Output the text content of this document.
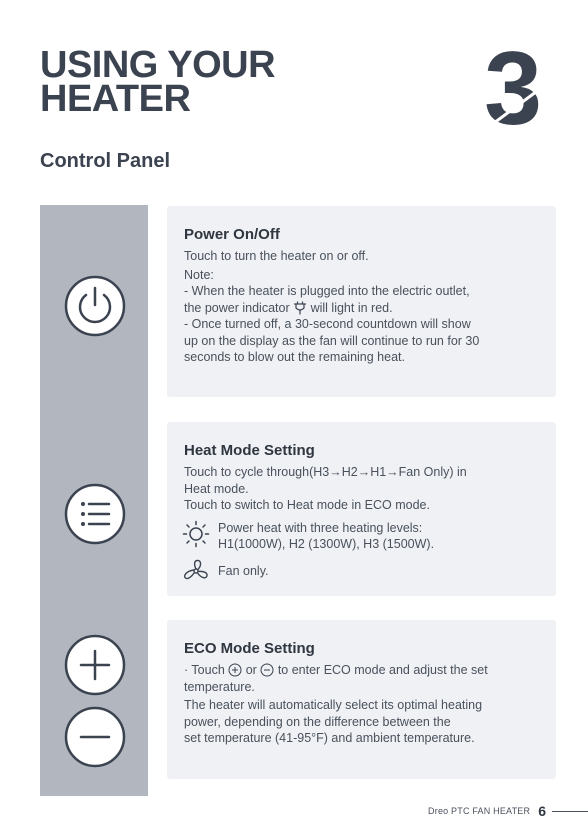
USING YOUR
HEATER	3
Control Panel
Power On/Off
Touch to turn the heater on or off.
Note:
- When the heater is plugged into the electric outlet,
the power indicator will light in red.
- Once turned off, a 30-second countdown will show
up on the display as the fan will continue to run for 30
seconds to blow out the remaining heat.
Heat Mode Setting
Touch to cycle through(H3→H2→H1→Fan Only) in
Heat mode.
Touch to switch to Heat mode in ECO mode.
Power heat with three heating levels:
H1(1000W), H2 (1300W), H3 (1500W).
Fan only.
ECO Mode Setting
· Touch or to enter ECO mode and adjust the set
temperature.
The heater will automatically select its optimal heating
power, depending on the difference between the
set temperature (41-95°F) and ambient temperature.
Dreo PTC FAN HEATER 6
